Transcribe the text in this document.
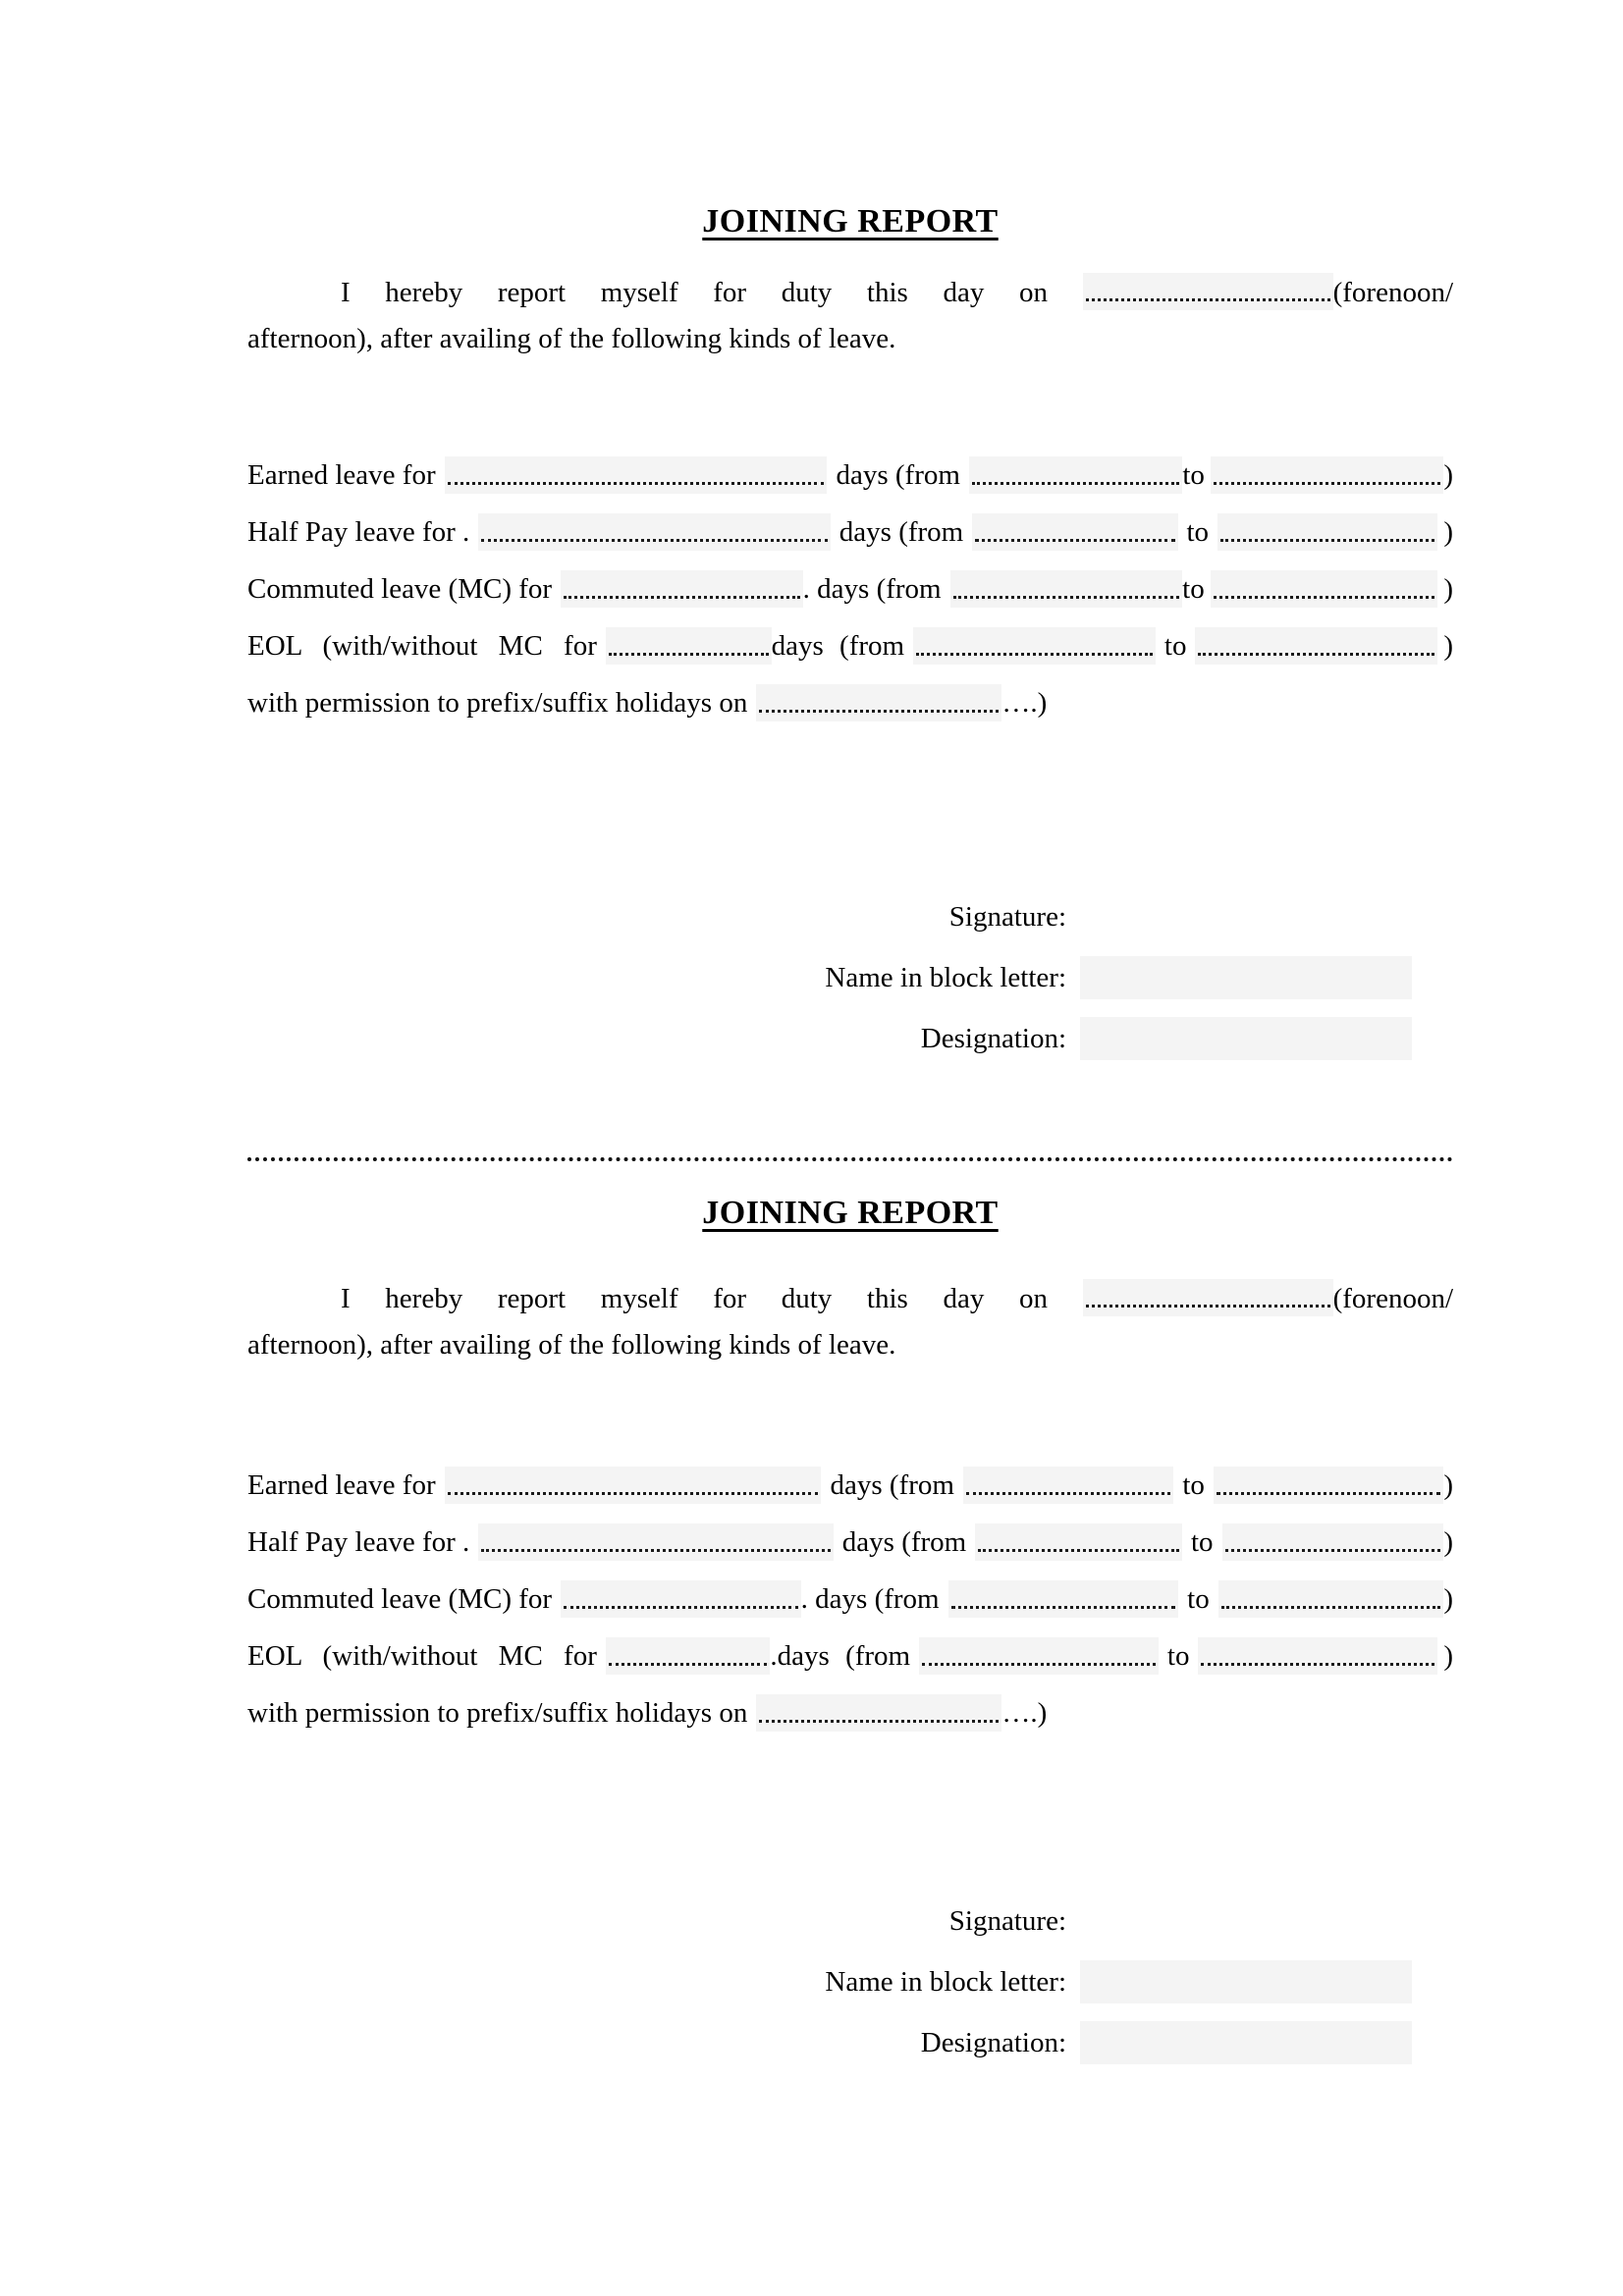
JOINING REPORT
I hereby report myself for duty this day on	(forenoon/
afternoon), after availing of the following kinds of leave.
Earned leave for	days (from	to	)
Half Pay leave for .	days (from	to	)
Commuted leave (MC) for	. days (from	to	)
EOL (with/without MC for	days (from	to	)
with permission to prefix/suffix holidays on	….)
Signature:
Name in block letter:
Designation:
JOINING REPORT
I hereby report myself for duty this day on	(forenoon/
afternoon), after availing of the following kinds of leave.
Earned leave for	days (from	to	)
Half Pay leave for .	days (from	to	)
Commuted leave (MC) for	. days (from	to	)
EOL (with/without MC for	.days (from	to	)
with permission to prefix/suffix holidays on	….)
Signature:
Name in block letter:
Designation:
